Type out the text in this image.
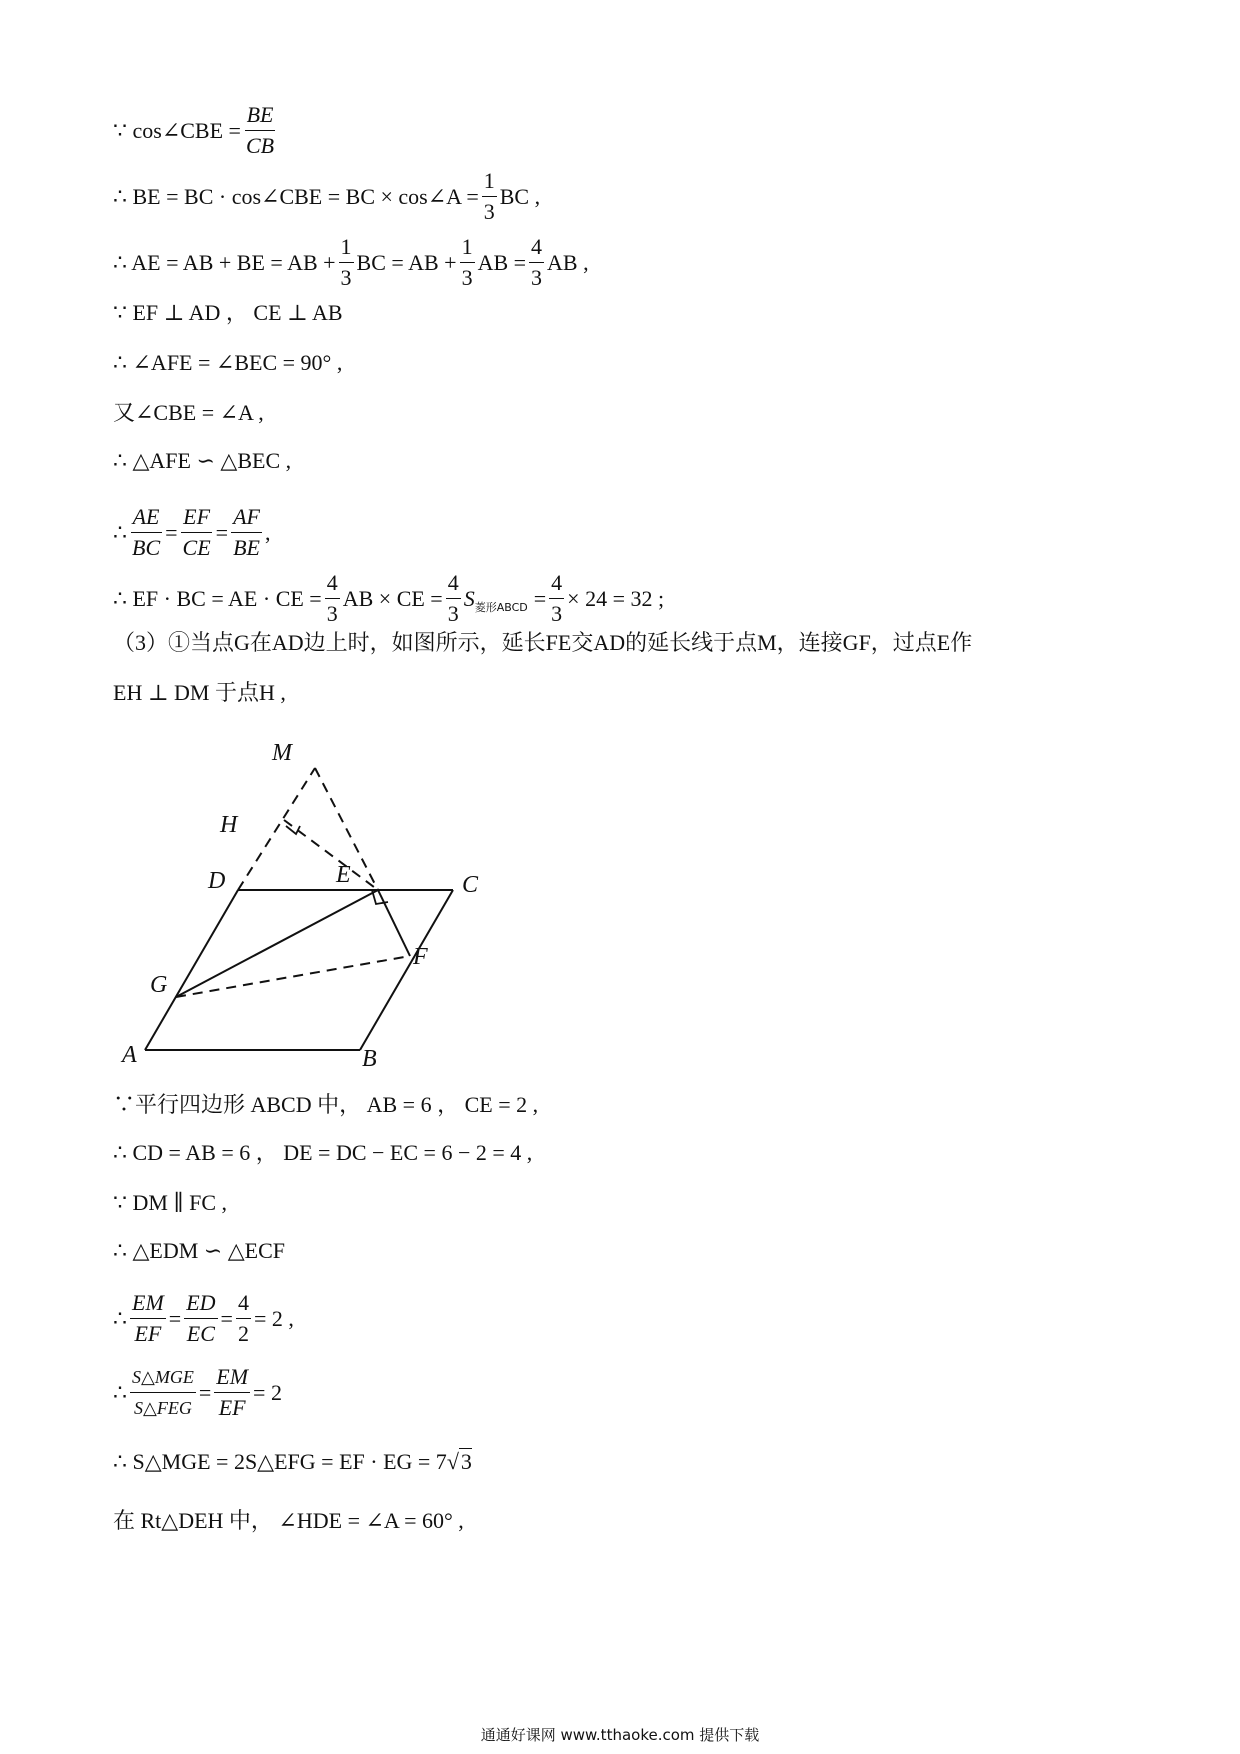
∵ cos∠CBE = $\frac{BE}{CB}$
∴ BE = BC · cos∠CBE = BC × cos∠A = $\frac{1}{3}$ BC ,
∴ AE = AB + BE = AB + $\frac{1}{3}$ BC = AB + $\frac{1}{3}$ AB = $\frac{4}{3}$ AB ,
∵ EF ⊥ AD ， CE ⊥ AB
∴ ∠AFE = ∠BEC = 90° ,
又∠CBE = ∠A ,
∴ △AFE ∽ △BEC ,
∴ $\frac{AE}{BC} = \frac{EF}{CE} = \frac{AF}{BE}$ ,
∴ EF · BC = AE · CE = $\frac{4}{3}$ AB × CE = $\frac{4}{3}$ S 菱形ABCD = $\frac{4}{3} \times 24 = 32$ ;
（3）①当点G在AD边上时，如图所示，延长FE交AD的延长线于点M，连接GF，过点E作
EH ⊥ DM 于点H ,
M
H
D	E	C
G
F
A	B
∵平行四边形 ABCD 中， AB = 6 ， CE = 2 ,
∴ CD = AB = 6 ， DE = DC − EC = 6 − 2 = 4 ,
∵ DM ∥ FC ,
∴ △EDM ∽ △ECF
∴ $\frac{EM}{EF} = \frac{ED}{EC} = \frac{4}{2} = 2$ ,
∴ $\frac{\text{S△MGE}}{\text{S△FEG}} = \frac{EM}{EF} = 2$
∴ S△MGE = 2S△EFG = EF · EG = 7 √ 3
在 Rt△DEH 中， ∠HDE = ∠A = 60° ,
通通好课网 www.tthaoke.com 提供下载
